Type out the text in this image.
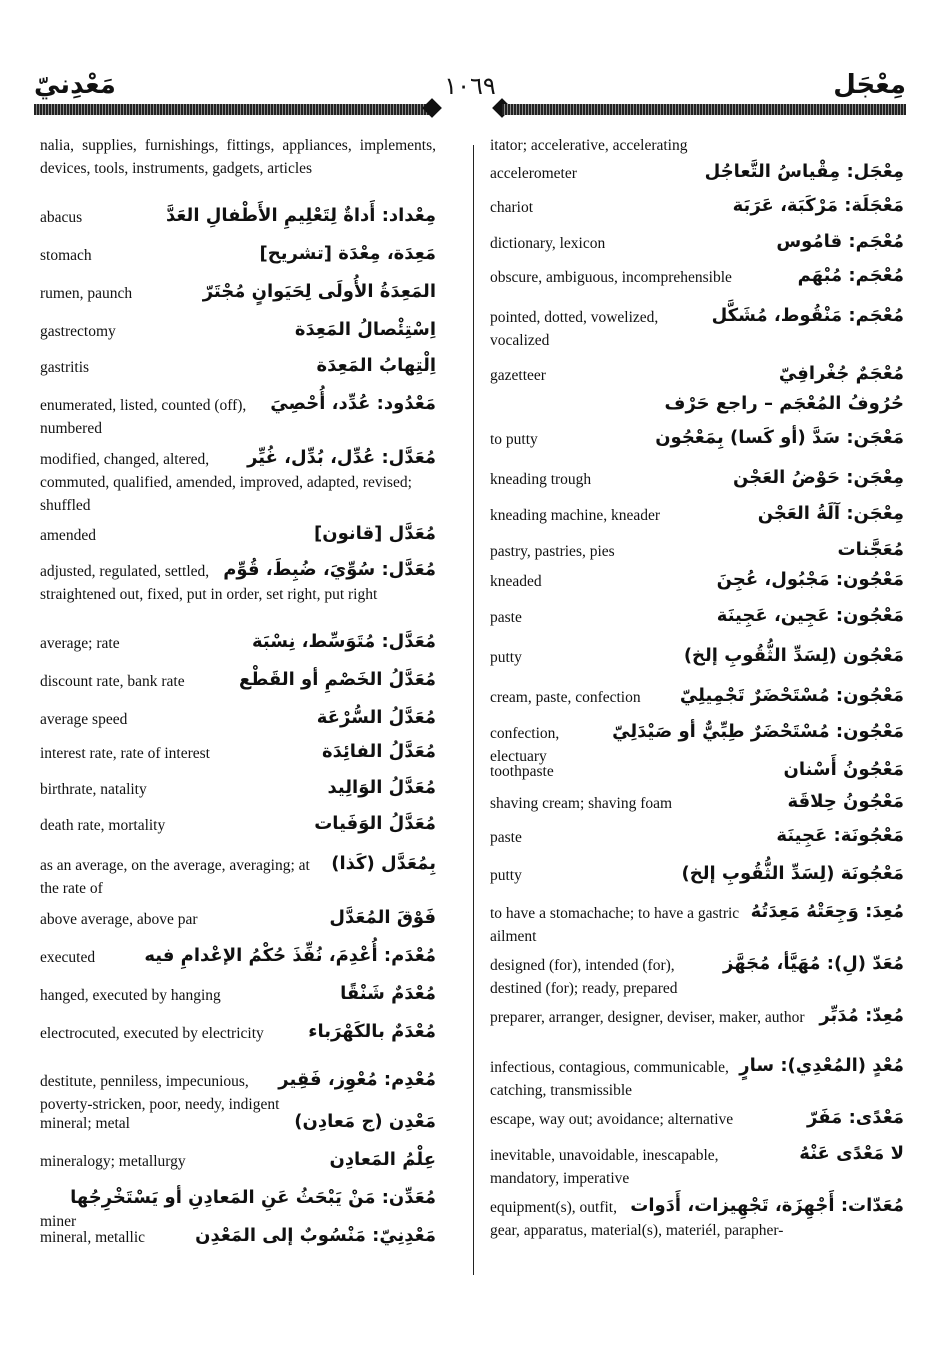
مَعْدِنيّ	١٠٦٩	مِعْجَل

nalia, supplies, furnishings, fittings, appliances, implements, devices, tools, instruments, gadgets, articles

مِعْداد: أَداةٌ لِتَعْلِيمِ الأَطْفالِ العَدَّ

abacus

مَعِدَة، مِعْدَة [تشريح]

stomach

المَعِدَةُ الأُولَى لِحَيَوانٍ مُجْتَرّ

rumen, paunch

اِسْتِئْصالُ المَعِدَة

gastrectomy

اِلْتِهابُ المَعِدَة

gastritis

مَعْدُود: عُدِّد، أُحْصِيَ

enumerated, listed, counted (off), numbered

مُعَدَّل: عُدِّل، بُدِّل، غُيِّر

modified, changed, altered, commuted, qualified, amended, improved, adapted, revised; shuffled

مُعَدَّل [قانون]

amended

مُعَدَّل: سُوِّيَ، ضُبِطَ، قُوِّم

adjusted, regulated, settled, straightened out, fixed, put in order, set right, put right

مُعَدَّل: مُتَوَسِّط، نِسْبَة

average; rate

مُعَدَّلُ الخَصْمِ أو القَطْع

discount rate, bank rate

مُعَدَّلُ السُّرْعَة

average speed

مُعَدَّلُ الفائِدَة

interest rate, rate of interest

مُعَدَّلُ الوَالِيد

birthrate, natality

مُعَدَّلُ الوَفَيات

death rate, mortality

بِمُعَدَّل (كَذا)

as an average, on the average, averaging; at the rate of

فَوْقَ المُعَدَّل

above average, above par

مُعْدَم: أُعْدِمَ، نُفِّذَ حُكْمُ الإعْدامِ فيه

executed

مُعْدَمٌ شَنْقًا

hanged, executed by hanging

مُعْدَمٌ بالكَهْرَباء

electrocuted, executed by electricity

مُعْدِم: مُعْوِز، فَقِير

destitute, penniless, impecunious, poverty-stricken, poor, needy, indigent

مَعْدِن (ج مَعادِن)

mineral; metal

عِلْمُ المَعادِن

mineralogy; metallurgy

مُعَدِّن: مَنْ يَبْحَثُ عَنِ المَعادِنِ أو يَسْتَخْرِجُها

miner

مَعْدِنِيّ: مَنْسُوبٌ إلى المَعْدِن

mineral, metallic

itator; accelerative, accelerating

مِعْجَل: مِقْياسُ التَّعاجُل

accelerometer

مَعْجَلَة: مَرْكَبَة، عَرَبَة

chariot

مُعْجَم: قامُوس

dictionary, lexicon

مُعْجَم: مُبْهَم

obscure, ambiguous, incomprehensible

مُعْجَم: مَنْقُوط، مُشَكَّل

pointed, dotted, vowelized, vocalized

مُعْجَمٌ جُغْرافِيّ

gazetteer

حُرُوفُ المُعْجَم – راجع حَرْف

مَعْجَن: سَدَّ (أو كَسا) بِمَعْجُون

to putty

مِعْجَن: حَوْضُ العَجْن

kneading trough

مِعْجَن: آلَةُ العَجْن

kneading machine, kneader

مُعَجَّنات

pastry, pastries, pies

مَعْجُون: مَجْبُول، عُجِنَ

kneaded

مَعْجُون: عَجِين، عَجِينَة

paste

مَعْجُون (لِسَدِّ الثُّقُوبِ إلخ)

putty

مَعْجُون: مُسْتَحْضَرٌ تَجْمِيلِيّ

cream, paste, confection

مَعْجُون: مُسْتَحْضَرٌ طِبِّيٌّ أو صَيْدَلِيّ

confection, electuary

مَعْجُونُ أَسْنان

toothpaste

مَعْجُونُ حِلاقَة

shaving cream; shaving foam

مَعْجُونَة: عَجِينَة

paste

مَعْجُونَة (لِسَدِّ الثُّقُوبِ إلخ)

putty

مُعِدَ: وَجِعَتْهُ مَعِدَتُهُ

to have a stomachache; to have a gastric ailment

مُعَدّ (لِ): مُهَيَّأ، مُجَهَّز

designed (for), intended (for), destined (for); ready, prepared

مُعِدّ: مُدَبِّر

preparer, arranger, designer, deviser, maker, author

مُعْدٍ (المُعْدِي): سارٍ

infectious, contagious, communicable, catching, transmissible

مَعْدًى: مَفَرّ

escape, way out; avoidance; alternative

لا مَعْدًى عَنْهُ

inevitable, unavoidable, inescapable, mandatory, imperative

مُعَدّات: أَجْهِزَة، تَجْهِيزات، أَدَوات

equipment(s), outfit, gear, apparatus, material(s), materiél, parapher-
